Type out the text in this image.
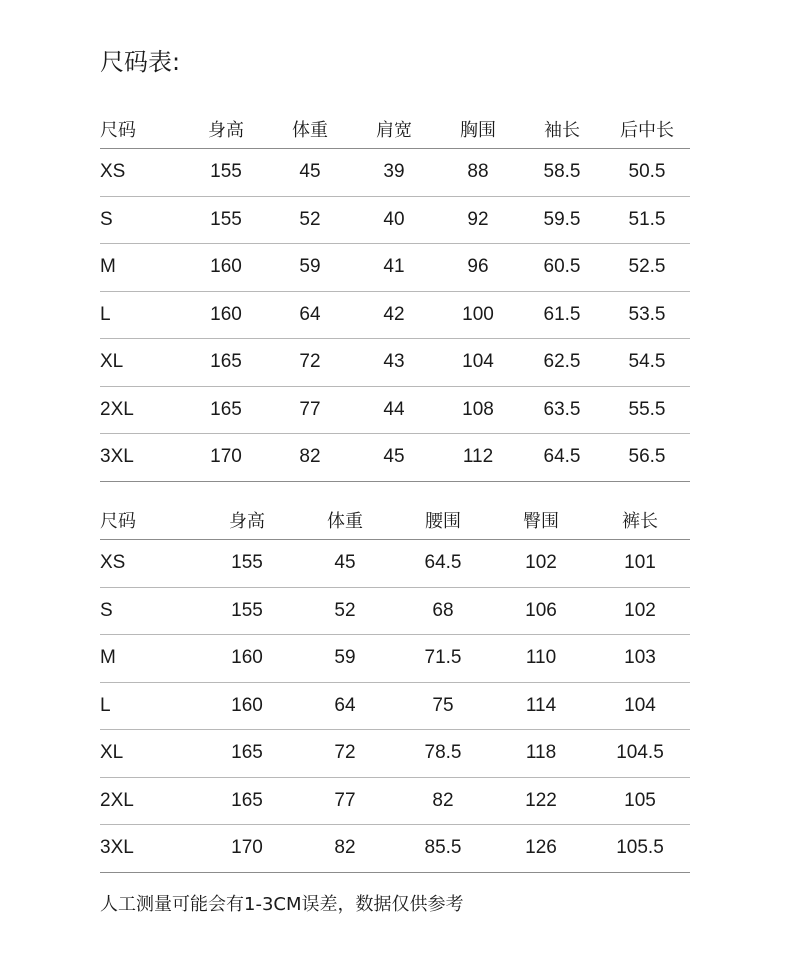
尺码表:
尺码	身高	体重	肩宽	胸围	袖长	后中长
XS	155	45	39	88	58.5	50.5
S	155	52	40	92	59.5	51.5
M	160	59	41	96	60.5	52.5
L	160	64	42	100	61.5	53.5
XL	165	72	43	104	62.5	54.5
2XL	165	77	44	108	63.5	55.5
3XL	170	82	45	112	64.5	56.5
尺码	身高	体重	腰围	臀围	裤长
XS	155	45	64.5	102	101
S	155	52	68	106	102
M	160	59	71.5	110	103
L	160	64	75	114	104
XL	165	72	78.5	118	104.5
2XL	165	77	82	122	105
3XL	170	82	85.5	126	105.5
人工测量可能会有1-3CM误差，数据仅供参考
